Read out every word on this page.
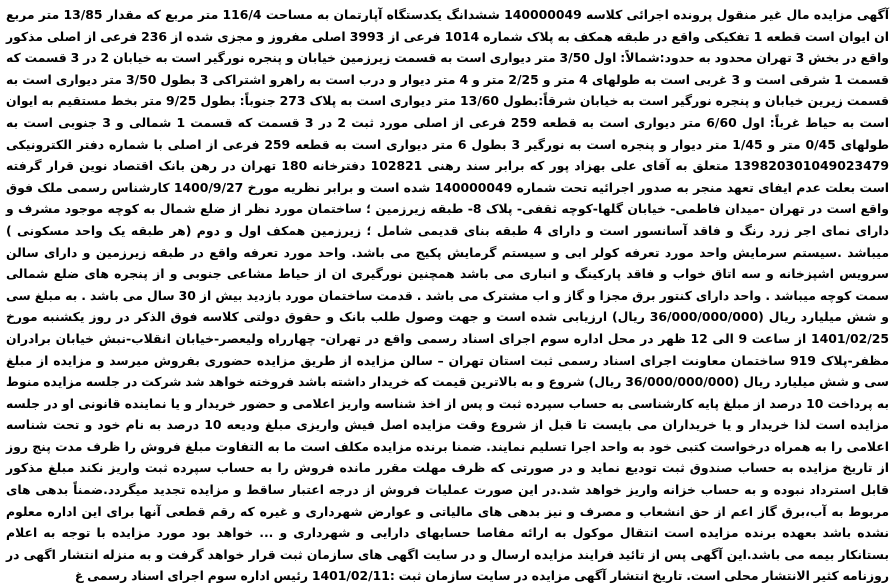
آگهی مزایده مال غیر منقول پرونده اجرائی کلاسه 140000049 ششدانگ یکدستگاه آپارتمان به مساحت 116/4 متر مربع که مقدار 13/85 متر مربع ان ایوان است قطعه 1 تفکیکی واقع در طبقه همکف به پلاک شماره 1014 فرعی از 3993 اصلی مفروز و مجزی شده از 236 فرعی از اصلی مذکور واقع در بخش 3 تهران محدود به حدود:شمالاً: اول 3/50 متر دیواری است به قسمت زیرزمین خیابان و پنجره نورگیر است به خیابان 2 در 3 قسمت که قسمت 1 شرقی است و 3 غربی است به طولهای 4 متر و 2/25 متر و 4 متر دیوار و درب است به راهرو اشتراکی 3 بطول 3/50 متر دیواری است به قسمت زیرین خیابان و پنجره نورگیر است به خیابان شرقاً:بطول 13/60 متر دیواری است به پلاک 273 جنوباً: بطول 9/25 متر بخط مستقیم به ایوان است به حیاط غرباً: اول 6/60 متر دیواری است به قطعه 259 فرعی از اصلی مورد ثبت 2 در 3 قسمت که قسمت 1 شمالی و 3 جنوبی است به طولهای 0/45 متر و 1/45 متر دیوار و پنجره است به نورگیر 3 بطول 6 متر دیواری است به قطعه 259 فرعی از اصلی با شماره دفتر الکترونیکی 139820301049023479 متعلق به آقای علی بهزاد پور که برابر سند رهنی 102821 دفترخانه 180 تهران در رهن بانک اقتصاد نوین قرار گرفته است بعلت عدم ایفای تعهد منجر به صدور اجرائیه تحت شماره 140000049 شده است و برابر نظریه مورخ 1400/9/27 کارشناس رسمی ملک فوق واقع است در تهران -میدان فاطمی- خیابان گلها-کوچه ثقفی- پلاک 8- طبقه زیرزمین ؛ ساختمان مورد نظر از ضلع شمال به کوچه موجود مشرف و دارای نمای اجر زرد رنگ و فاقد آسانسور است و دارای 4 طبقه بنای قدیمی شامل ؛ زیرزمین همکف اول و دوم (هر طبقه یک واحد مسکونی ) میباشد .سیستم سرمایش واحد مورد تعرفه کولر ابی و سیستم گرمایش پکیج می باشد. واحد مورد تعرفه واقع در طبقه زیرزمین و دارای سالن سرویس اشپزخانه و سه اتاق خواب و فاقد پارکینگ و انباری می باشد همچنین نورگیری ان از حیاط مشاعی جنوبی و از پنجره های ضلع شمالی سمت کوچه میباشد . واحد دارای کنتور برق مجزا و گاز و اب مشترک می باشد . قدمت ساختمان مورد بازدید بیش از 30 سال می باشد . به مبلغ سی و شش میلیارد ریال (36/000/000/000 ریال) ارزیابی شده است و جهت وصول طلب بانک و حقوق دولتی کلاسه فوق الذکر در روز یکشنبه مورخ 1401/02/25 از ساعت 9 الی 12 ظهر در محل اداره سوم اجرای اسناد رسمی واقع در تهران- چهارراه ولیعصر-خیابان انقلاب-نبش خیابان برادران مظفر-پلاک 919 ساختمان معاونت اجرای اسناد رسمی ثبت استان تهران – سالن مزایده از طریق مزایده حضوری بفروش میرسد و مزایده از مبلغ سی و شش میلیارد ریال (36/000/000/000 ریال) شروع و به بالاترین قیمت که خریدار داشته باشد فروخته خواهد شد شرکت در جلسه مزایده منوط به پرداخت 10 درصد از مبلغ پایه کارشناسی به حساب سپرده ثبت و پس از اخذ شناسه واریز اعلامی و حضور خریدار و یا نماینده قانونی او در جلسه مزایده است لذا خریدار و یا خریداران می بایست تا قبل از شروع وقت مزایده اصل فیش واریزی مبلغ ودیعه 10 درصد به نام خود و تحت شناسه اعلامی را به همراه درخواست کتبی خود به واحد اجرا تسلیم نمایند. ضمنا برنده مزایده مکلف است ما به التفاوت مبلغ فروش را ظرف مدت پنج روز از تاریخ مزایده به حساب صندوق ثبت تودیع نماید و در صورتی که ظرف مهلت مقرر مانده فروش را به حساب سپرده ثبت واریز نکند مبلغ مذکور قابل استرداد نبوده و به حساب خزانه واریز خواهد شد.در این صورت عملیات فروش از درجه اعتبار ساقط و مزایده تجدید میگردد.ضمناً بدهی های مربوط به آب،برق گاز اعم از حق انشعاب و مصرف و نیز بدهی های مالیاتی و عوارض شهرداری و غیره که رقم قطعی آنها برای این اداره معلوم نشده باشد بعهده برنده مزایده است انتقال موکول به ارائه مفاصا حسابهای دارایی و شهرداری و ... خواهد بود مورد مزایده با توجه به اعلام بستانکار بیمه می باشد.این آگهی پس از تائید فرایند مزایده ارسال و در سایت اگهی های سازمان ثبت قرار خواهد گرفت و به منزله انتشار اگهی در روزنامه کثیر الانتشار محلی است. تاریخ انتشار آگهی مزایده در سایت سازمان ثبت :1401/02/11 رئیس اداره سوم اجرای اسناد رسمی غ
